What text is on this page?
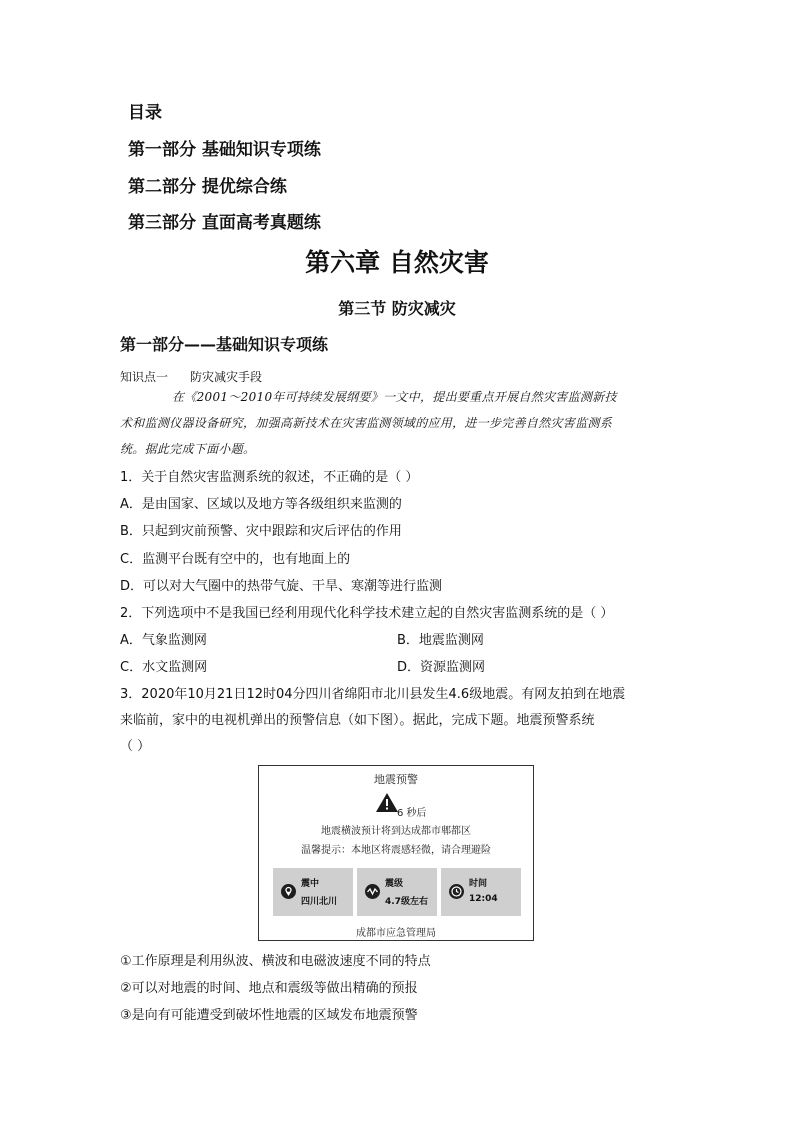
目录
第一部分 基础知识专项练
第二部分 提优综合练
第三部分 直面高考真题练
第六章 自然灾害
第三节 防灾减灾
第一部分——基础知识专项练
知识点一 防灾减灾手段

在《2001～2010年可持续发展纲要》一文中，提出要重点开展自然灾害监测新技

术和监测仪器设备研究，加强高新技术在灾害监测领域的应用，进一步完善自然灾害监测系

统。据此完成下面小题。

1．关于自然灾害监测系统的叙述，不正确的是（ ）
A．是由国家、区域以及地方等各级组织来监测的
B．只起到灾前预警、灾中跟踪和灾后评估的作用
C．监测平台既有空中的，也有地面上的
D．可以对大气圈中的热带气旋、干旱、寒潮等进行监测
2．下列选项中不是我国已经利用现代化科学技术建立起的自然灾害监测系统的是（ ）
A．气象监测网	B．地震监测网
C．水文监测网	D．资源监测网
3．2020年10月21日12时04分四川省绵阳市北川县发生4.6级地震。有网友拍到在地震
来临前，家中的电视机弹出的预警信息（如下图）。据此，完成下题。地震预警系统
（ ）
地震预警
6 秒后
地震横波预计将到达成都市郫都区
温馨提示：本地区将震感轻微，请合理避险
震中
四川北川
震级
4.7级左右
时间
12:04
成都市应急管理局
①工作原理是利用纵波、横波和电磁波速度不同的特点
②可以对地震的时间、地点和震级等做出精确的预报
③是向有可能遭受到破坏性地震的区域发布地震预警
